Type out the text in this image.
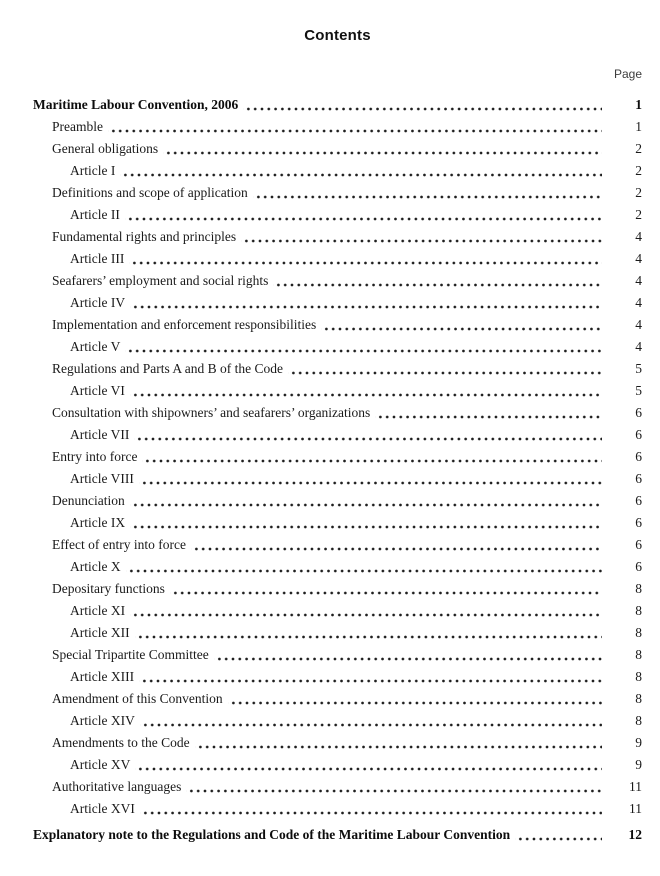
Contents
Page
Maritime Labour Convention, 2006	1
Preamble	1
General obligations	2
Article I	2
Definitions and scope of application	2
Article II	2
Fundamental rights and principles	4
Article III	4
Seafarers’ employment and social rights	4
Article IV	4
Implementation and enforcement responsibilities	4
Article V	4
Regulations and Parts A and B of the Code	5
Article VI	5
Consultation with shipowners’ and seafarers’ organizations	6
Article VII	6
Entry into force	6
Article VIII	6
Denunciation	6
Article IX	6
Effect of entry into force	6
Article X	6
Depositary functions	8
Article XI	8
Article XII	8
Special Tripartite Committee	8
Article XIII	8
Amendment of this Convention	8
Article XIV	8
Amendments to the Code	9
Article XV	9
Authoritative languages	11
Article XVI	11
Explanatory note to the Regulations and Code of the Maritime Labour Convention	12
